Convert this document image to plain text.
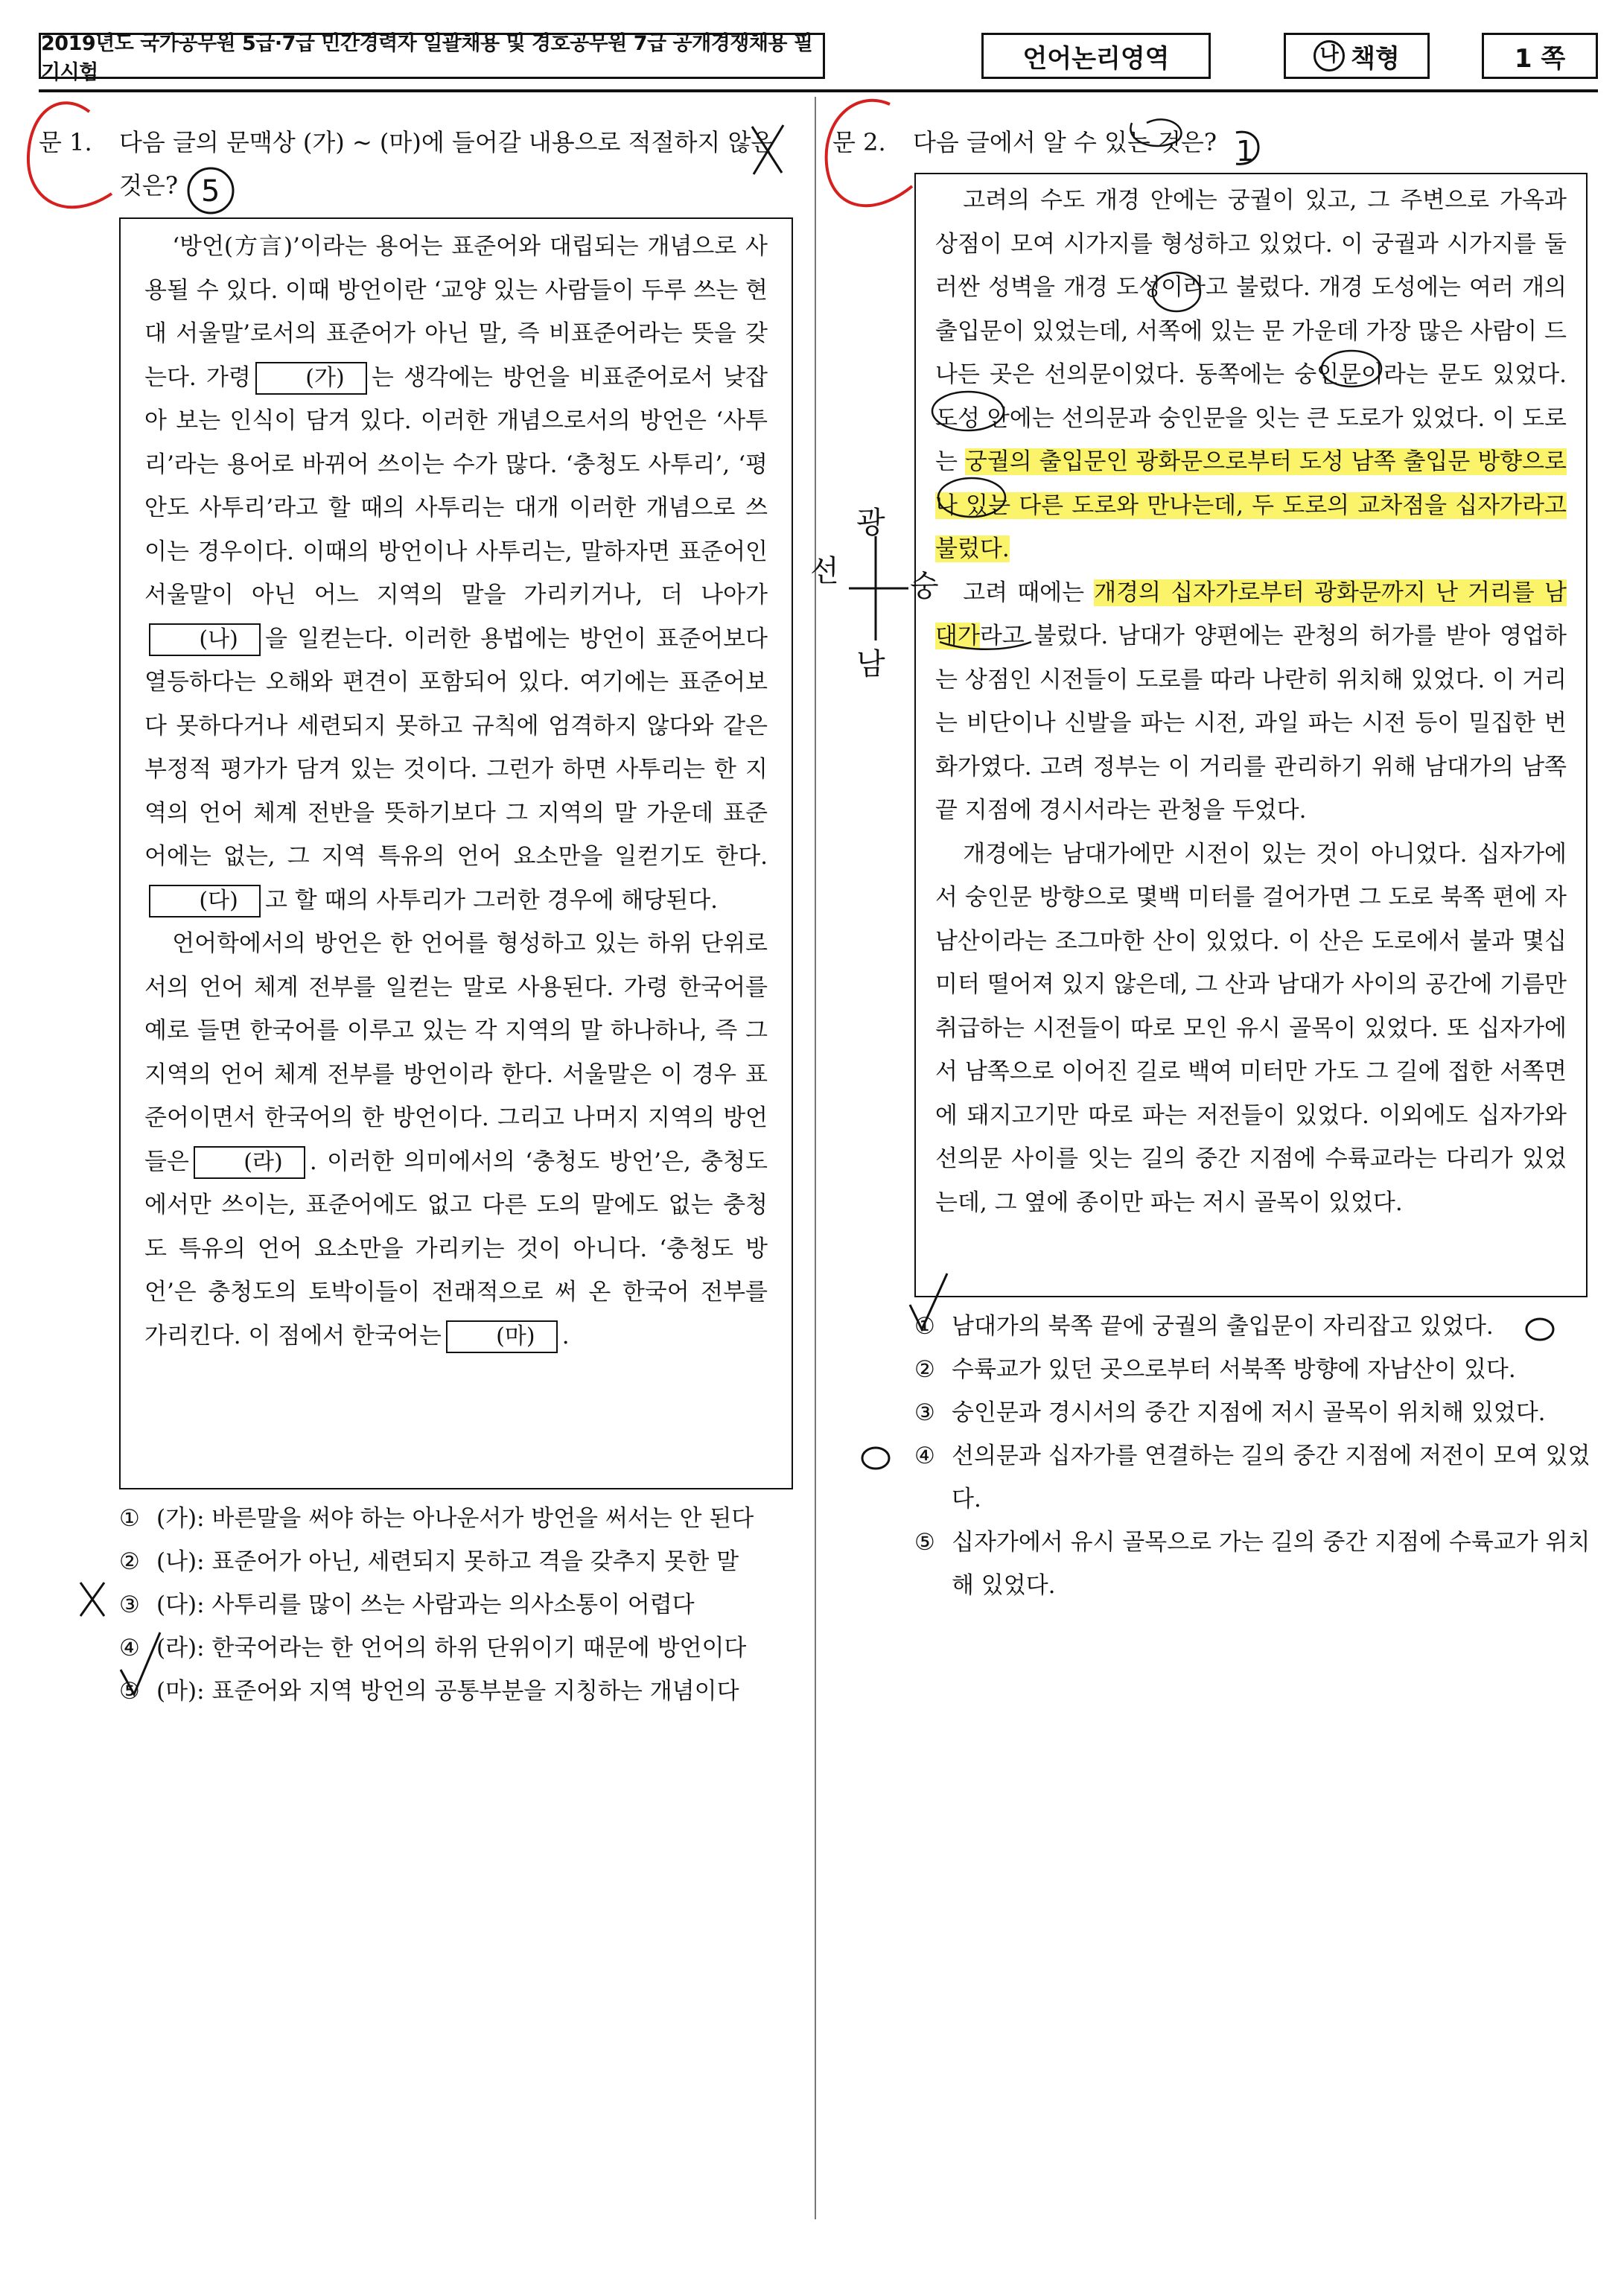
2019년도 국가공무원 5급·7급 민간경력자 일괄채용 및 경호공무원 7급 공개경쟁채용 필기시험	언어논리영역	나 책형	1 쪽
문 1. 다음 글의 문맥상 (가) ~ (마)에 들어갈 내용으로 적절하지 않은
것은?

‘방언(方言)’이라는 용어는 표준어와 대립되는 개념으로 사용될 수 있다. 이때 방언이란 ‘교양 있는 사람들이 두루 쓰는 현대 서울말’로서의 표준어가 아닌 말, 즉 비표준어라는 뜻을 갖는다. 가령 (가) 는 생각에는 방언을 비표준어로서 낮잡아 보는 인식이 담겨 있다. 이러한 개념으로서의 방언은 ‘사투리’라는 용어로 바뀌어 쓰이는 수가 많다. ‘충청도 사투리’, ‘평안도 사투리’라고 할 때의 사투리는 대개 이러한 개념으로 쓰이는 경우이다. 이때의 방언이나 사투리는, 말하자면 표준어인 서울말이 아닌 어느 지역의 말을 가리키거나, 더 나아가(나) 을 일컫는다. 이러한 용법에는 방언이 표준어보다 열등하다는 오해와 편견이 포함되어 있다. 여기에는 표준어보다 못하다거나 세련되지 못하고 규칙에 엄격하지 않다와 같은 부정적 평가가 담겨 있는 것이다. 그런가 하면 사투리는 한 지역의 언어 체계 전반을 뜻하기보다 그 지역의 말 가운데 표준어에는 없는, 그 지역 특유의 언어 요소만을 일컫기도 한다. (다) 고 할 때의 사투리가 그러한 경우에 해당된다.

언어학에서의 방언은 한 언어를 형성하고 있는 하위 단위로서의 언어 체계 전부를 일컫는 말로 사용된다. 가령 한국어를 예로 들면 한국어를 이루고 있는 각 지역의 말 하나하나, 즉 그 지역의 언어 체계 전부를 방언이라 한다. 서울말은 이 경우 표준어이면서 한국어의 한 방언이다. 그리고 나머지 지역의 방언들은 (라) . 이러한 의미에서의 ‘충청도 방언’은, 충청도에서만 쓰이는, 표준어에도 없고 다른 도의 말에도 없는 충청도 특유의 언어 요소만을 가리키는 것이 아니다. ‘충청도 방언’은 충청도의 토박이들이 전래적으로 써 온 한국어 전부를 가리킨다. 이 점에서 한국어는 (마) .

① (가): 바른말을 써야 하는 아나운서가 방언을 써서는 안 된다
② (나): 표준어가 아닌, 세련되지 못하고 격을 갖추지 못한 말
③ (다): 사투리를 많이 쓰는 사람과는 의사소통이 어렵다
④ (라): 한국어라는 한 언어의 하위 단위이기 때문에 방언이다
⑤ (마): 표준어와 지역 방언의 공통부분을 지칭하는 개념이다
문 2. 다음 글에서 알 수 있는 것은?

고려의 수도 개경 안에는 궁궐이 있고, 그 주변으로 가옥과 상점이 모여 시가지를 형성하고 있었다. 이 궁궐과 시가지를 둘러싼 성벽을 개경 도성이라고 불렀다. 개경 도성에는 여러 개의 출입문이 있었는데, 서쪽에 있는 문 가운데 가장 많은 사람이 드나든 곳은 선의문이었다. 동쪽에는 숭인문이라는 문도 있었다. 도성 안에는 선의문과 숭인문을 잇는 큰 도로가 있었다. 이 도로는 궁궐의 출입문인 광화문으로부터 도성 남쪽 출입문 방향으로 나 있는 다른 도로와 만나는데, 두 도로의 교차점을 십자가라고 불렀다.

고려 때에는 개경의 십자가로부터 광화문까지 난 거리를 남대가라고 불렀다. 남대가 양편에는 관청의 허가를 받아 영업하는 상점인 시전들이 도로를 따라 나란히 위치해 있었다. 이 거리는 비단이나 신발을 파는 시전, 과일 파는 시전 등이 밀집한 번화가였다. 고려 정부는 이 거리를 관리하기 위해 남대가의 남쪽 끝 지점에 경시서라는 관청을 두었다.

개경에는 남대가에만 시전이 있는 것이 아니었다. 십자가에서 숭인문 방향으로 몇백 미터를 걸어가면 그 도로 북쪽 편에 자남산이라는 조그마한 산이 있었다. 이 산은 도로에서 불과 몇십 미터 떨어져 있지 않은데, 그 산과 남대가 사이의 공간에 기름만 취급하는 시전들이 따로 모인 유시 골목이 있었다. 또 십자가에서 남쪽으로 이어진 길로 백여 미터만 가도 그 길에 접한 서쪽면에 돼지고기만 따로 파는 저전들이 있었다. 이외에도 십자가와 선의문 사이를 잇는 길의 중간 지점에 수륙교라는 다리가 있었는데, 그 옆에 종이만 파는 저시 골목이 있었다.

① 남대가의 북쪽 끝에 궁궐의 출입문이 자리잡고 있었다.
② 수륙교가 있던 곳으로부터 서북쪽 방향에 자남산이 있다.
③ 숭인문과 경시서의 중간 지점에 저시 골목이 위치해 있었다.
④ 선의문과 십자가를 연결하는 길의 중간 지점에 저전이 모여 있었다.
⑤ 십자가에서 유시 골목으로 가는 길의 중간 지점에 수륙교가 위치해 있었다.
5
1
광
선 숭
남
